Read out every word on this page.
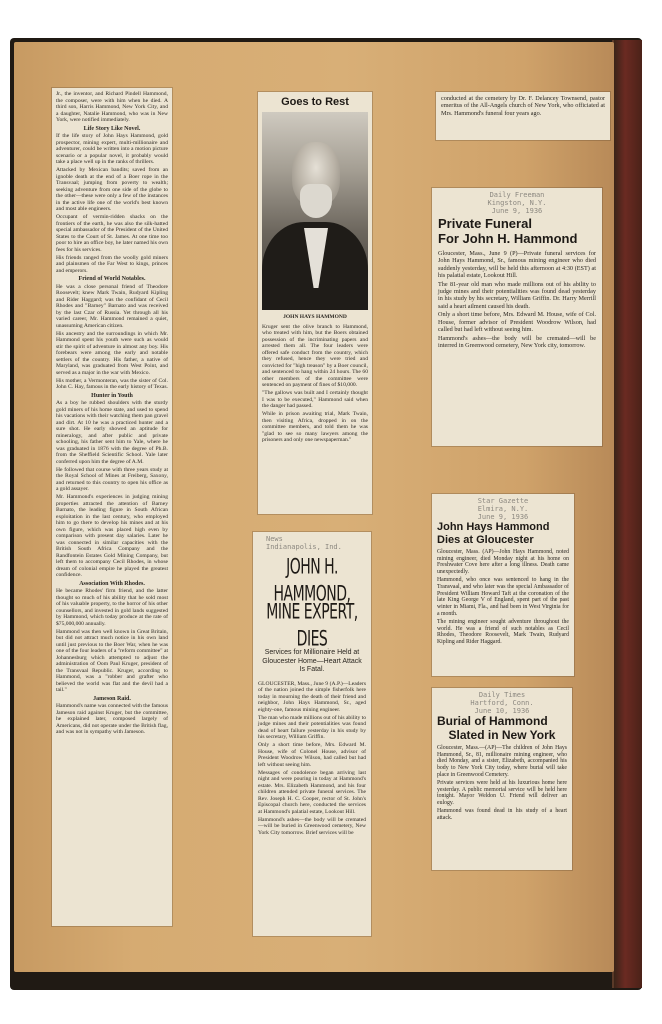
Jr., the inventor, and Richard Pindell Hammond, the composer, were with him when he died. A third son, Harris Hammond, New York City, and a daughter, Natalie Hammond, who was in New York, were notified immediately.

Life Story Like Novel.

If the life story of John Hays Hammond, gold prospector, mining expert, multi-millionaire and adventurer, could be written into a motion picture scenario or a popular novel, it probably would take a place well up in the ranks of thrillers.

Attacked by Mexican bandits; saved from an ignoble death at the end of a Boer rope in the Transvaal; jumping from poverty to wealth; seeking adventure from one side of the globe to the other—these were only a few of the instances in the active life one of the world's best known and most able engineers.

Occupant of vermin-ridden shacks on the frontiers of the earth, he was also the silk-hatted special ambassador of the President of the United States to the Court of St. James. At one time too poor to hire an office boy, he later named his own fees for his services.

His friends ranged from the woolly gold miners and plainsmen of the Far West to kings, princes and emperors.

Friend of World Notables.

He was a close personal friend of Theodore Roosevelt; knew Mark Twain, Rudyard Kipling and Rider Haggard; was the confidant of Cecil Rhodes and "Barney" Barnato and was received by the last Czar of Russia. Yet through all his varied career, Mr. Hammond remained a quiet, unassuming American citizen.

His ancestry and the surroundings in which Mr. Hammond spent his youth were such as would stir the spirit of adventure in almost any boy. His forebears were among the early and notable settlers of the country. His father, a native of Maryland, was graduated from West Point, and served as a major in the war with Mexico.

His mother, a Vermonteran, was the sister of Col. John C. Hay, famous in the early history of Texas.

Hunter in Youth

As a boy he rubbed shoulders with the sturdy gold miners of his home state, and used to spend his vacations with their watching them pan gravel and dirt. At 10 he was a practiced hunter and a sure shot. He early showed an aptitude for mineralogy, and after public and private schooling, his father sent him to Yale, where he was graduated in 1876 with the degree of Ph.B. from the Sheffield Scientific School. Yale later conferred upon him the degree of A.M.

He followed that course with three years study at the Royal School of Mines at Freiberg, Saxony, and returned to this country to open his office as a gold assayer.

Mr. Hammond's experiences in judging mining properties attracted the attention of Barney Barnato, the leading figure in South African exploitation in the last century, who employed him to go there to develop his mines and at his own figure, which was placed high even by comparison with present day salaries. Later he was connected in similar capacities with the British South Africa Company and the Randfontein Estates Gold Mining Company, but left them to accompany Cecil Rhodes, in whose dream of colonial empire he played the greatest confidence.

Association With Rhodes.

He became Rhodes' firm friend, and the latter thought so much of his ability that he sold most of his valuable property, to the horror of his other counsellors, and invested in gold lands suggested by Hammond, which today produce at the rate of $75,000,000 annually.

Hammond was then well known in Great Britain, but did not attract much notice in his own land until just previous to the Boer War, when he was one of the four leaders of a "reform committee" at Johannesburg which attempted to adjust the administration of Oom Paul Kruger, president of the Transvaal Republic. Kruger, according to Hammond, was a "robber and grafter who believed the world was flat and the devil had a tail."

Jameson Raid.

Hammond's name was connected with the famous Jameson raid against Kruger, but the committee, he explained later, composed largely of Americans, did not operate under the British flag, and was not in sympathy with Jameson.

Goes to Rest
JOHN HAYS HAMMOND

Kruger sent the olive branch to Hammond, who treated with him, but the Boers obtained possession of the incriminating papers and arrested them all. The four leaders were offered safe conduct from the country, which they refused, hence they were tried and convicted for "high treason" by a Boer council, and sentenced to hang within 24 hours. The 60 other members of the committee were sentenced on payment of fines of $10,000.

"The gallows was built and I certainly thought I was to be executed," Hammond said when the danger had passed.

While in prison awaiting trial, Mark Twain, then visiting Africa, dropped in on the committee members, and told them he was "glad to see so many lawyers among the prisoners and only one newspaperman."

News
Indianapolis, Ind.
JOHN H. HAMMOND,
MINE EXPERT, DIES
Services for Millionaire Held at Gloucester Home—Heart Attack Is Fatal.

GLOUCESTER, Mass., June 9 (A.P.)—Leaders of the nation joined the simple fisherfolk here today in mourning the death of their friend and neighbor, John Hays Hammond, Sr., aged eighty-one, famous mining engineer.

The man who made millions out of his ability to judge mines and their potentialities was found dead of heart failure yesterday in his study by his secretary, William Griffin.

Only a short time before, Mrs. Edward M. House, wife of Colonel House, advisor of President Woodrow Wilson, had called but had left without seeing him.

Messages of condolence began arriving last night and were pouring in today at Hammond's estate. Mrs. Elizabeth Hammond, and his four children attended private funeral services. The Rev. Joseph H. C. Cooper, rector of St. John's Episcopal church here, conducted the services at Hammond's palatial estate, Lookout Hill.

Hammond's ashes—the body will be cremated—will be buried in Greenwood cemetery, New York City tomorrow. Brief services will be

conducted at the cemetery by Dr. F. Delancey Townsend, pastor emeritus of the All-Angels church of New York, who officiated at Mrs. Hammond's funeral four years ago.

Daily Freeman
Kingston, N.Y.
June 9, 1936
Private Funeral
For John H. Hammond

Gloucester, Mass., June 9 (P)—Private funeral services for John Hays Hammond, Sr., famous mining engineer who died suddenly yesterday, will be held this afternoon at 4:30 (EST) at his palatial estate, Lookout Hill.

The 81-year old man who made millions out of his ability to judge mines and their potentialities was found dead yesterday in his study by his secretary, William Griffin. Dr. Harry Merrill said a heart ailment caused his death.

Only a short time before, Mrs. Edward M. House, wife of Col. House, former advisor of President Woodrow Wilson, had called but had left without seeing him.

Hammond's ashes—the body will be cremated—will be interred in Greenwood cemetery, New York city, tomorrow.

Star Gazette
Elmira, N.Y.
June 9, 1936
John Hays Hammond
Dies at Gloucester

Gloucester, Mass. (AP)—John Hays Hammond, noted mining engineer, died Monday night at his home on Freshwater Cove here after a long illness. Death came unexpectedly.

Hammond, who once was sentenced to hang in the Transvaal, and who later was the special Ambassador of President William Howard Taft at the coronation of the late King George V of England, spent part of the past winter in Miami, Fla., and had been in West Virginia for a month.

The mining engineer sought adventure throughout the world. He was a friend of such notables as Cecil Rhodes, Theodore Roosevelt, Mark Twain, Rudyard Kipling and Rider Haggard.

Daily Times
Hartford, Conn.
June 10, 1936
Burial of Hammond
Slated in New York

Gloucester, Mass.—(AP)—The children of John Hays Hammond, Sr., 81, millionaire mining engineer, who died Monday, and a sister, Elizabeth, accompanied his body to New York City today, where burial will take place in Greenwood Cemetery.

Private services were held at his luxurious home here yesterday. A public memorial service will be held here tonight. Mayor Weldon U. Friend will deliver an eulogy.

Hammond was found dead in his study of a heart attack.
